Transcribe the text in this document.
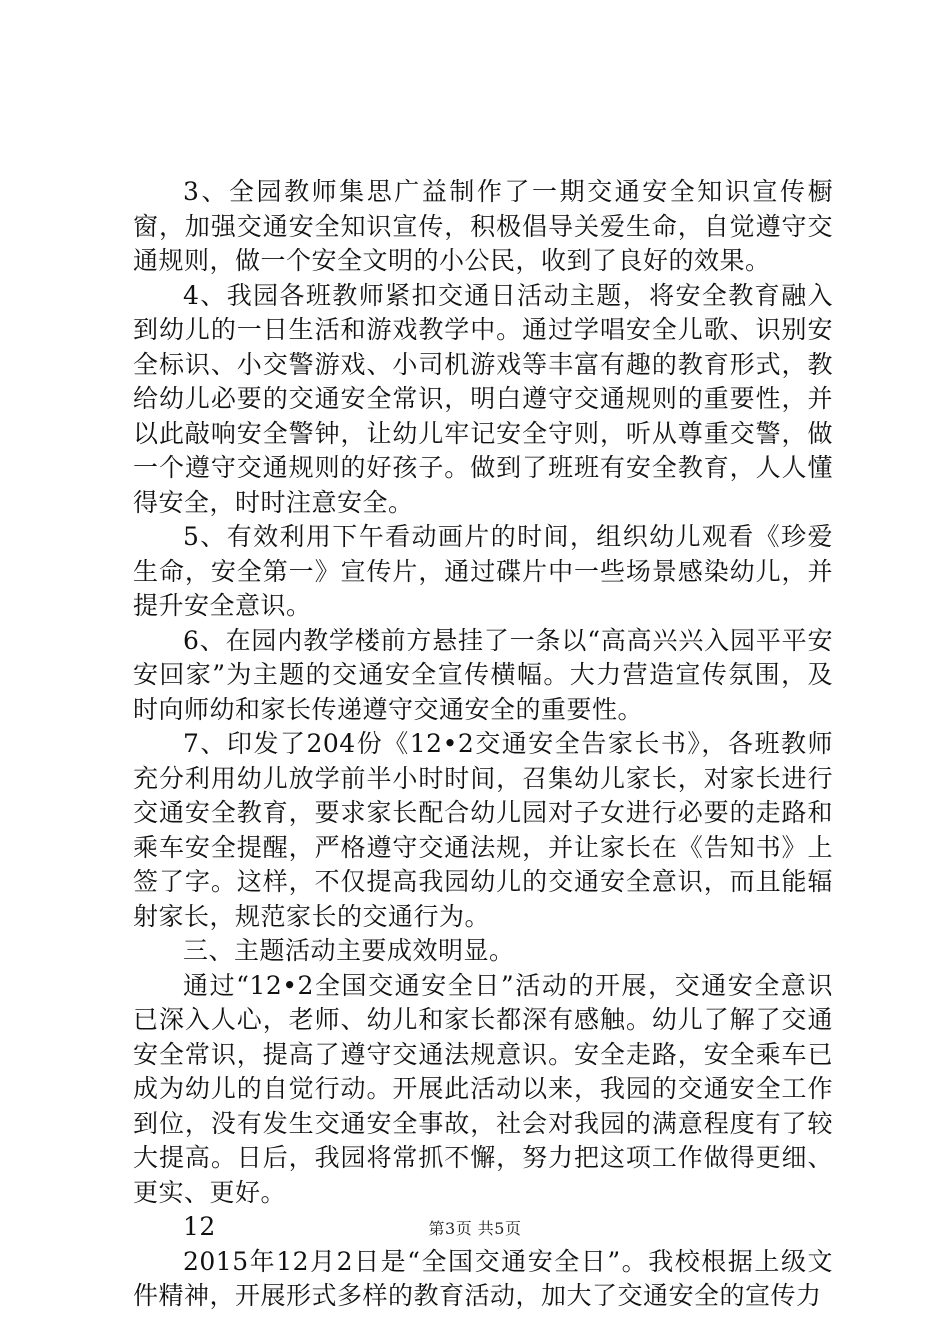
3、全园教师集思广益制作了一期交通安全知识宣传橱窗，加强交通安全知识宣传，积极倡导关爱生命，自觉遵守交通规则，做一个安全文明的小公民，收到了良好的效果。

4、我园各班教师紧扣交通日活动主题，将安全教育融入到幼儿的一日生活和游戏教学中。通过学唱安全儿歌、识别安全标识、小交警游戏、小司机游戏等丰富有趣的教育形式，教给幼儿必要的交通安全常识，明白遵守交通规则的重要性，并以此敲响安全警钟，让幼儿牢记安全守则，听从尊重交警，做一个遵守交通规则的好孩子。做到了班班有安全教育，人人懂得安全，时时注意安全。

5、有效利用下午看动画片的时间，组织幼儿观看《珍爱生命，安全第一》宣传片，通过碟片中一些场景感染幼儿，并提升安全意识。

6、在园内教学楼前方悬挂了一条以“高高兴兴入园平平安安回家”为主题的交通安全宣传横幅。大力营造宣传氛围，及时向师幼和家长传递遵守交通安全的重要性。

7、印发了204份《12•2交通安全告家长书》，各班教师充分利用幼儿放学前半小时时间，召集幼儿家长，对家长进行交通安全教育，要求家长配合幼儿园对子女进行必要的走路和乘车安全提醒，严格遵守交通法规，并让家长在《告知书》上签了字。这样，不仅提高我园幼儿的交通安全意识，而且能辐射家长，规范家长的交通行为。

三、主题活动主要成效明显。

通过“12•2全国交通安全日”活动的开展，交通安全意识已深入人心，老师、幼儿和家长都深有感触。幼儿了解了交通安全常识，提高了遵守交通法规意识。安全走路，安全乘车已成为幼儿的自觉行动。开展此活动以来，我园的交通安全工作到位，没有发生交通安全事故，社会对我园的满意程度有了较大提高。日后，我园将常抓不懈，努力把这项工作做得更细、更实、更好。

12

2015年12月2日是“全国交通安全日”。我校根据上级文件精神，开展形式多样的教育活动，加大了交通安全的宣传力

第3页 共5页
